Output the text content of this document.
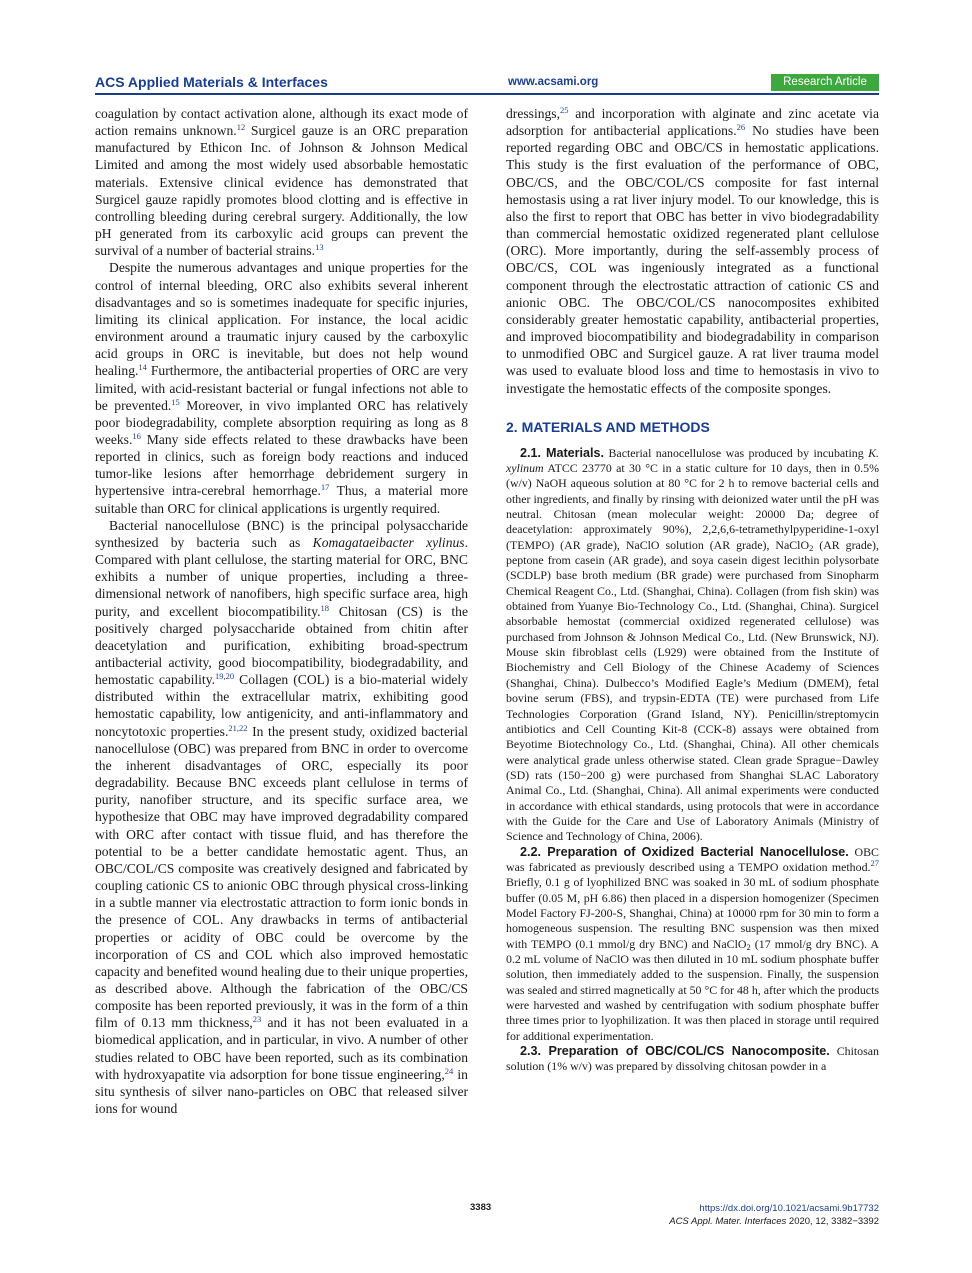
ACS Applied Materials & Interfaces	www.acsami.org	Research Article

coagulation by contact activation alone, although its exact mode of action remains unknown.$^{12}$ Surgicel gauze is an ORC preparation manufactured by Ethicon Inc. of Johnson & Johnson Medical Limited and among the most widely used absorbable hemostatic materials. Extensive clinical evidence has demonstrated that Surgicel gauze rapidly promotes blood clotting and is effective in controlling bleeding during cerebral surgery. Additionally, the low pH generated from its carboxylic acid groups can prevent the survival of a number of bacterial strains.$^{13}$

Despite the numerous advantages and unique properties for the control of internal bleeding, ORC also exhibits several inherent disadvantages and so is sometimes inadequate for specific injuries, limiting its clinical application. For instance, the local acidic environment around a traumatic injury caused by the carboxylic acid groups in ORC is inevitable, but does not help wound healing.$^{14}$ Furthermore, the antibacterial properties of ORC are very limited, with acid-resistant bacterial or fungal infections not able to be prevented.$^{15}$ Moreover, in vivo implanted ORC has relatively poor biodegradability, complete absorption requiring as long as 8 weeks.$^{16}$ Many side effects related to these drawbacks have been reported in clinics, such as foreign body reactions and induced tumor-like lesions after hemorrhage debridement surgery in hypertensive intra-cerebral hemorrhage.$^{17}$ Thus, a material more suitable than ORC for clinical applications is urgently required.

Bacterial nanocellulose (BNC) is the principal polysaccharide synthesized by bacteria such as Komagataeibacter xylinus. Compared with plant cellulose, the starting material for ORC, BNC exhibits a number of unique properties, including a three-dimensional network of nanofibers, high specific surface area, high purity, and excellent biocompatibility.$^{18}$ Chitosan (CS) is the positively charged polysaccharide obtained from chitin after deacetylation and purification, exhibiting broad-spectrum antibacterial activity, good biocompatibility, biodegradability, and hemostatic capability.$^{19,20}$ Collagen (COL) is a bio-material widely distributed within the extracellular matrix, exhibiting good hemostatic capability, low antigenicity, and anti-inflammatory and noncytotoxic properties.$^{21,22}$ In the present study, oxidized bacterial nanocellulose (OBC) was prepared from BNC in order to overcome the inherent disadvantages of ORC, especially its poor degradability. Because BNC exceeds plant cellulose in terms of purity, nanofiber structure, and its specific surface area, we hypothesize that OBC may have improved degradability compared with ORC after contact with tissue fluid, and has therefore the potential to be a better candidate hemostatic agent. Thus, an OBC/COL/CS composite was creatively designed and fabricated by coupling cationic CS to anionic OBC through physical cross-linking in a subtle manner via electrostatic attraction to form ionic bonds in the presence of COL. Any drawbacks in terms of antibacterial properties or acidity of OBC could be overcome by the incorporation of CS and COL which also improved hemostatic capacity and benefited wound healing due to their unique properties, as described above. Although the fabrication of the OBC/CS composite has been reported previously, it was in the form of a thin film of 0.13 mm thickness,$^{23}$ and it has not been evaluated in a biomedical application, and in particular, in vivo. A number of other studies related to OBC have been reported, such as its combination with hydroxyapatite via adsorption for bone tissue engineering,$^{24}$ in situ synthesis of silver nano-particles on OBC that released silver ions for wound

dressings,$^{25}$ and incorporation with alginate and zinc acetate via adsorption for antibacterial applications.$^{26}$ No studies have been reported regarding OBC and OBC/CS in hemostatic applications. This study is the first evaluation of the performance of OBC, OBC/CS, and the OBC/COL/CS composite for fast internal hemostasis using a rat liver injury model. To our knowledge, this is also the first to report that OBC has better in vivo biodegradability than commercial hemostatic oxidized regenerated plant cellulose (ORC). More importantly, during the self-assembly process of OBC/CS, COL was ingeniously integrated as a functional component through the electrostatic attraction of cationic CS and anionic OBC. The OBC/COL/CS nanocomposites exhibited considerably greater hemostatic capability, antibacterial properties, and improved biocompatibility and biodegradability in comparison to unmodified OBC and Surgicel gauze. A rat liver trauma model was used to evaluate blood loss and time to hemostasis in vivo to investigate the hemostatic effects of the composite sponges.

2. MATERIALS AND METHODS

2.1. Materials. Bacterial nanocellulose was produced by incubating K. xylinum ATCC 23770 at 30 °C in a static culture for 10 days, then in 0.5% (w/v) NaOH aqueous solution at 80 °C for 2 h to remove bacterial cells and other ingredients, and finally by rinsing with deionized water until the pH was neutral. Chitosan (mean molecular weight: 20000 Da; degree of deacetylation: approximately 90%), 2,2,6,6-tetramethylpyperidine-1-oxyl (TEMPO) (AR grade), NaClO solution (AR grade), NaClO$_2$ (AR grade), peptone from casein (AR grade), and soya casein digest lecithin polysorbate (SCDLP) base broth medium (BR grade) were purchased from Sinopharm Chemical Reagent Co., Ltd. (Shanghai, China). Collagen (from fish skin) was obtained from Yuanye Bio-Technology Co., Ltd. (Shanghai, China). Surgicel absorbable hemostat (commercial oxidized regenerated cellulose) was purchased from Johnson & Johnson Medical Co., Ltd. (New Brunswick, NJ). Mouse skin fibroblast cells (L929) were obtained from the Institute of Biochemistry and Cell Biology of the Chinese Academy of Sciences (Shanghai, China). Dulbecco’s Modified Eagle’s Medium (DMEM), fetal bovine serum (FBS), and trypsin-EDTA (TE) were purchased from Life Technologies Corporation (Grand Island, NY). Penicillin/streptomycin antibiotics and Cell Counting Kit-8 (CCK-8) assays were obtained from Beyotime Biotechnology Co., Ltd. (Shanghai, China). All other chemicals were analytical grade unless otherwise stated. Clean grade Sprague−Dawley (SD) rats (150−200 g) were purchased from Shanghai SLAC Laboratory Animal Co., Ltd. (Shanghai, China). All animal experiments were conducted in accordance with ethical standards, using protocols that were in accordance with the Guide for the Care and Use of Laboratory Animals (Ministry of Science and Technology of China, 2006).

2.2. Preparation of Oxidized Bacterial Nanocellulose. OBC was fabricated as previously described using a TEMPO oxidation method.$^{27}$ Briefly, 0.1 g of lyophilized BNC was soaked in 30 mL of sodium phosphate buffer (0.05 M, pH 6.86) then placed in a dispersion homogenizer (Specimen Model Factory FJ-200-S, Shanghai, China) at 10000 rpm for 30 min to form a homogeneous suspension. The resulting BNC suspension was then mixed with TEMPO (0.1 mmol/g dry BNC) and NaClO$_2$ (17 mmol/g dry BNC). A 0.2 mL volume of NaClO was then diluted in 10 mL sodium phosphate buffer solution, then immediately added to the suspension. Finally, the suspension was sealed and stirred magnetically at 50 °C for 48 h, after which the products were harvested and washed by centrifugation with sodium phosphate buffer three times prior to lyophilization. It was then placed in storage until required for additional experimentation.

2.3. Preparation of OBC/COL/CS Nanocomposite. Chitosan solution (1% w/v) was prepared by dissolving chitosan powder in a

3383	https://dx.doi.org/10.1021/acsami.9b17732
ACS Appl. Mater. Interfaces 2020, 12, 3382−3392
